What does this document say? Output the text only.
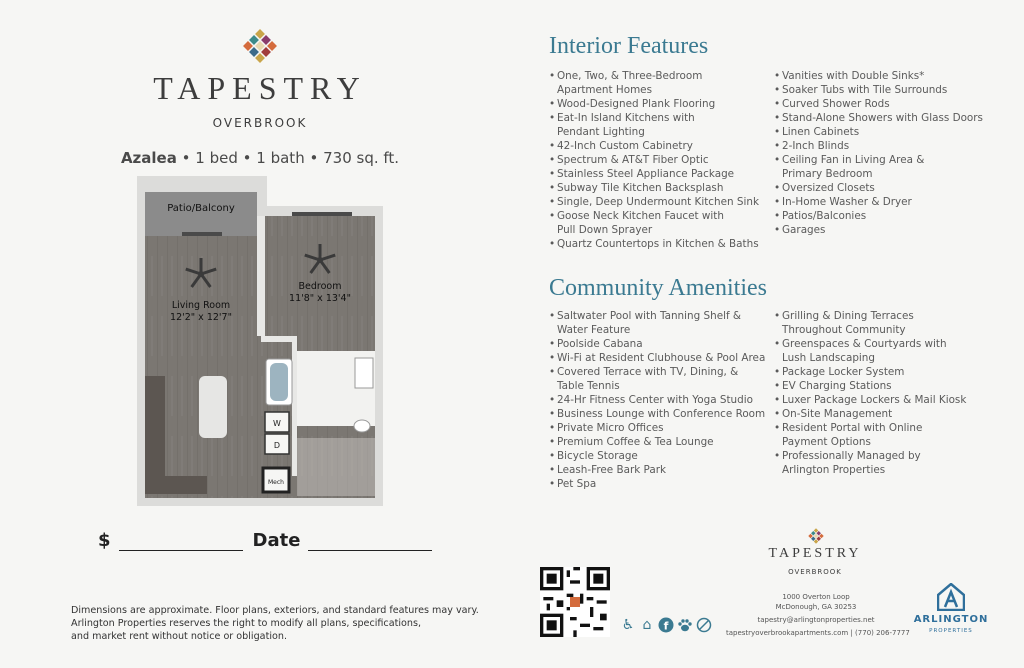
TAPESTRY
OVERBROOK
Azalea • 1 bed • 1 bath • 730 sq. ft.
W
D
Mech
Patio/Balcony
Bedroom
11'8" x 13'4"
Living Room
12'2" x 12'7"
$	Date
Dimensions are approximate. Floor plans, exteriors, and standard features may vary.
Arlington Properties reserves the right to modify all plans, specifications,
and market rent without notice or obligation.
Interior Features
• One, Two, & Three-Bedroom
Apartment Homes
• Wood-Designed Plank Flooring
• Eat-In Island Kitchens with
Pendant Lighting
• 42-Inch Custom Cabinetry
• Spectrum & AT&T Fiber Optic
• Stainless Steel Appliance Package
• Subway Tile Kitchen Backsplash
• Single, Deep Undermount Kitchen Sink
• Goose Neck Kitchen Faucet with
Pull Down Sprayer
• Quartz Countertops in Kitchen & Baths
• Vanities with Double Sinks*
• Soaker Tubs with Tile Surrounds
• Curved Shower Rods
• Stand-Alone Showers with Glass Doors
• Linen Cabinets
• 2-Inch Blinds
• Ceiling Fan in Living Area &
Primary Bedroom
• Oversized Closets
• In-Home Washer & Dryer
• Patios/Balconies
• Garages
Community Amenities
• Saltwater Pool with Tanning Shelf &
Water Feature
• Poolside Cabana
• Wi-Fi at Resident Clubhouse & Pool Area
• Covered Terrace with TV, Dining, &
Table Tennis
• 24-Hr Fitness Center with Yoga Studio
• Business Lounge with Conference Room
• Private Micro Offices
• Premium Coffee & Tea Lounge
• Bicycle Storage
• Leash-Free Bark Park
• Pet Spa
• Grilling & Dining Terraces
Throughout Community
• Greenspaces & Courtyards with
Lush Landscaping
• Package Locker System
• EV Charging Stations
• Luxer Package Lockers & Mail Kiosk
• On-Site Management
• Resident Portal with Online
Payment Options
• Professionally Managed by
Arlington Properties
♿ ⌂	f
TAPESTRY
OVERBROOK
1000 Overton Loop
McDonough, GA 30253
tapestry@arlingtonproperties.net
tapestryoverbrookapartments.com | (770) 206-7777
ARLINGTON
PROPERTIES
